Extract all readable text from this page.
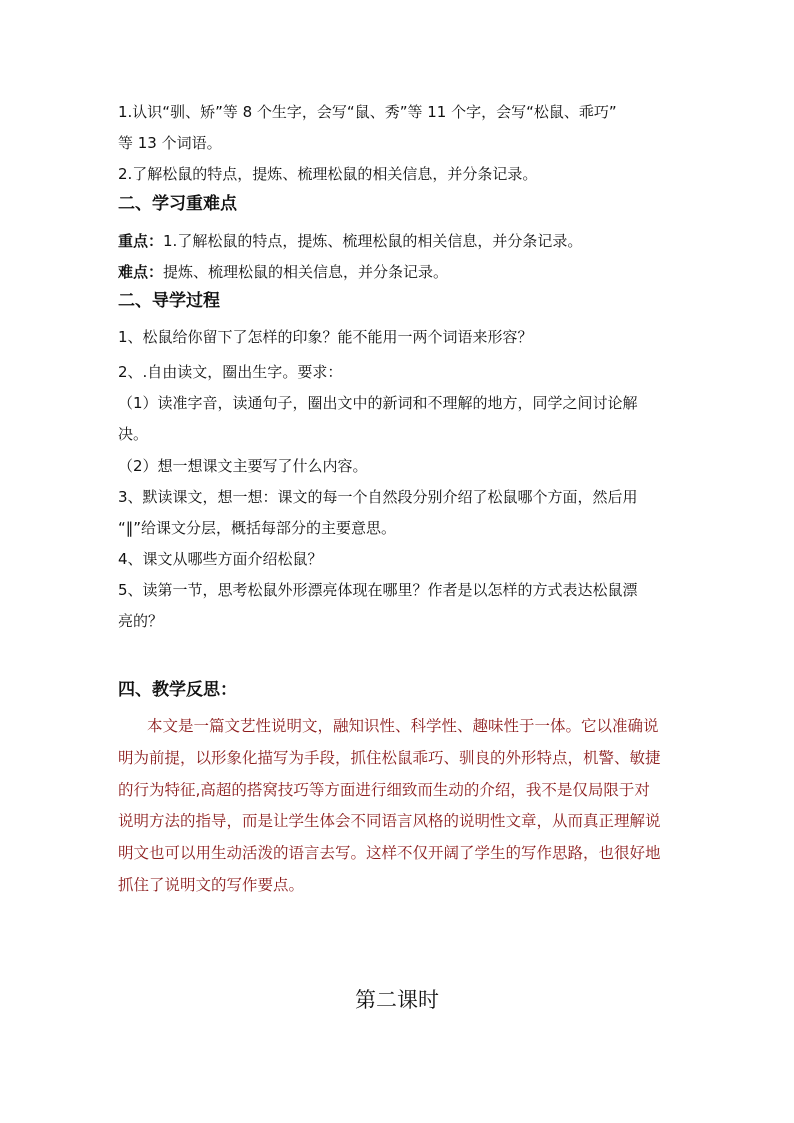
1.认识“驯、矫”等 8 个生字，会写“鼠、秀”等 11 个字，会写“松鼠、乖巧”
等 13 个词语。
2.了解松鼠的特点，提炼、梳理松鼠的相关信息，并分条记录。
二、学习重难点
重点：1.了解松鼠的特点，提炼、梳理松鼠的相关信息，并分条记录。
难点：提炼、梳理松鼠的相关信息，并分条记录。
二、导学过程
1、松鼠给你留下了怎样的印象？能不能用一两个词语来形容？
2、.自由读文，圈出生字。要求：
（1）读准字音，读通句子，圈出文中的新词和不理解的地方，同学之间讨论解
决。
（2）想一想课文主要写了什么内容。
3、默读课文，想一想：课文的每一个自然段分别介绍了松鼠哪个方面，然后用
“‖”给课文分层，概括每部分的主要意思。
4、课文从哪些方面介绍松鼠？
5、读第一节，思考松鼠外形漂亮体现在哪里？作者是以怎样的方式表达松鼠漂
亮的？
四、教学反思：
本文是一篇文艺性说明文，融知识性、科学性、趣味性于一体。它以准确说
明为前提，以形象化描写为手段，抓住松鼠乖巧、驯良的外形特点，机警、敏捷
的行为特征,高超的搭窝技巧等方面进行细致而生动的介绍，我不是仅局限于对
说明方法的指导，而是让学生体会不同语言风格的说明性文章，从而真正理解说
明文也可以用生动活泼的语言去写。这样不仅开阔了学生的写作思路，也很好地
抓住了说明文的写作要点。
第二课时
